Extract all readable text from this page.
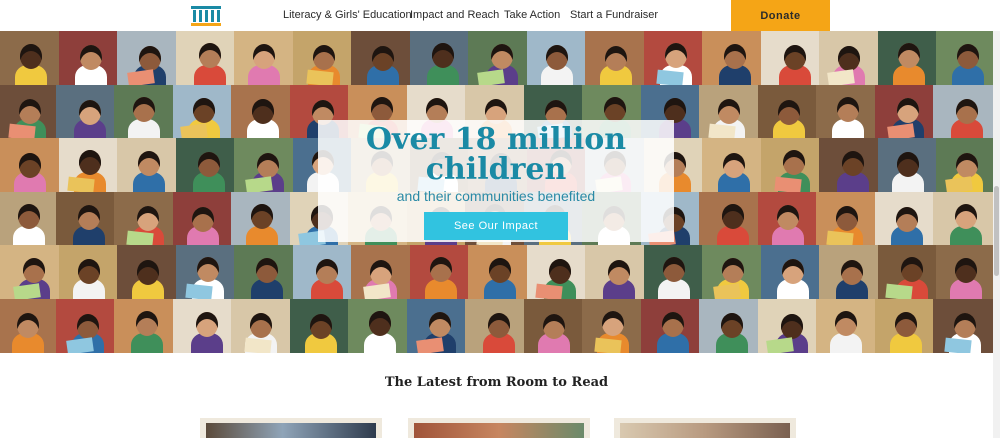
Literacy & Girls' Education
Impact and Reach Take Action Start a Fundraiser	Donate
Over 18 million
children
and their communities benefited
See Our Impact
The Latest from Room to Read
